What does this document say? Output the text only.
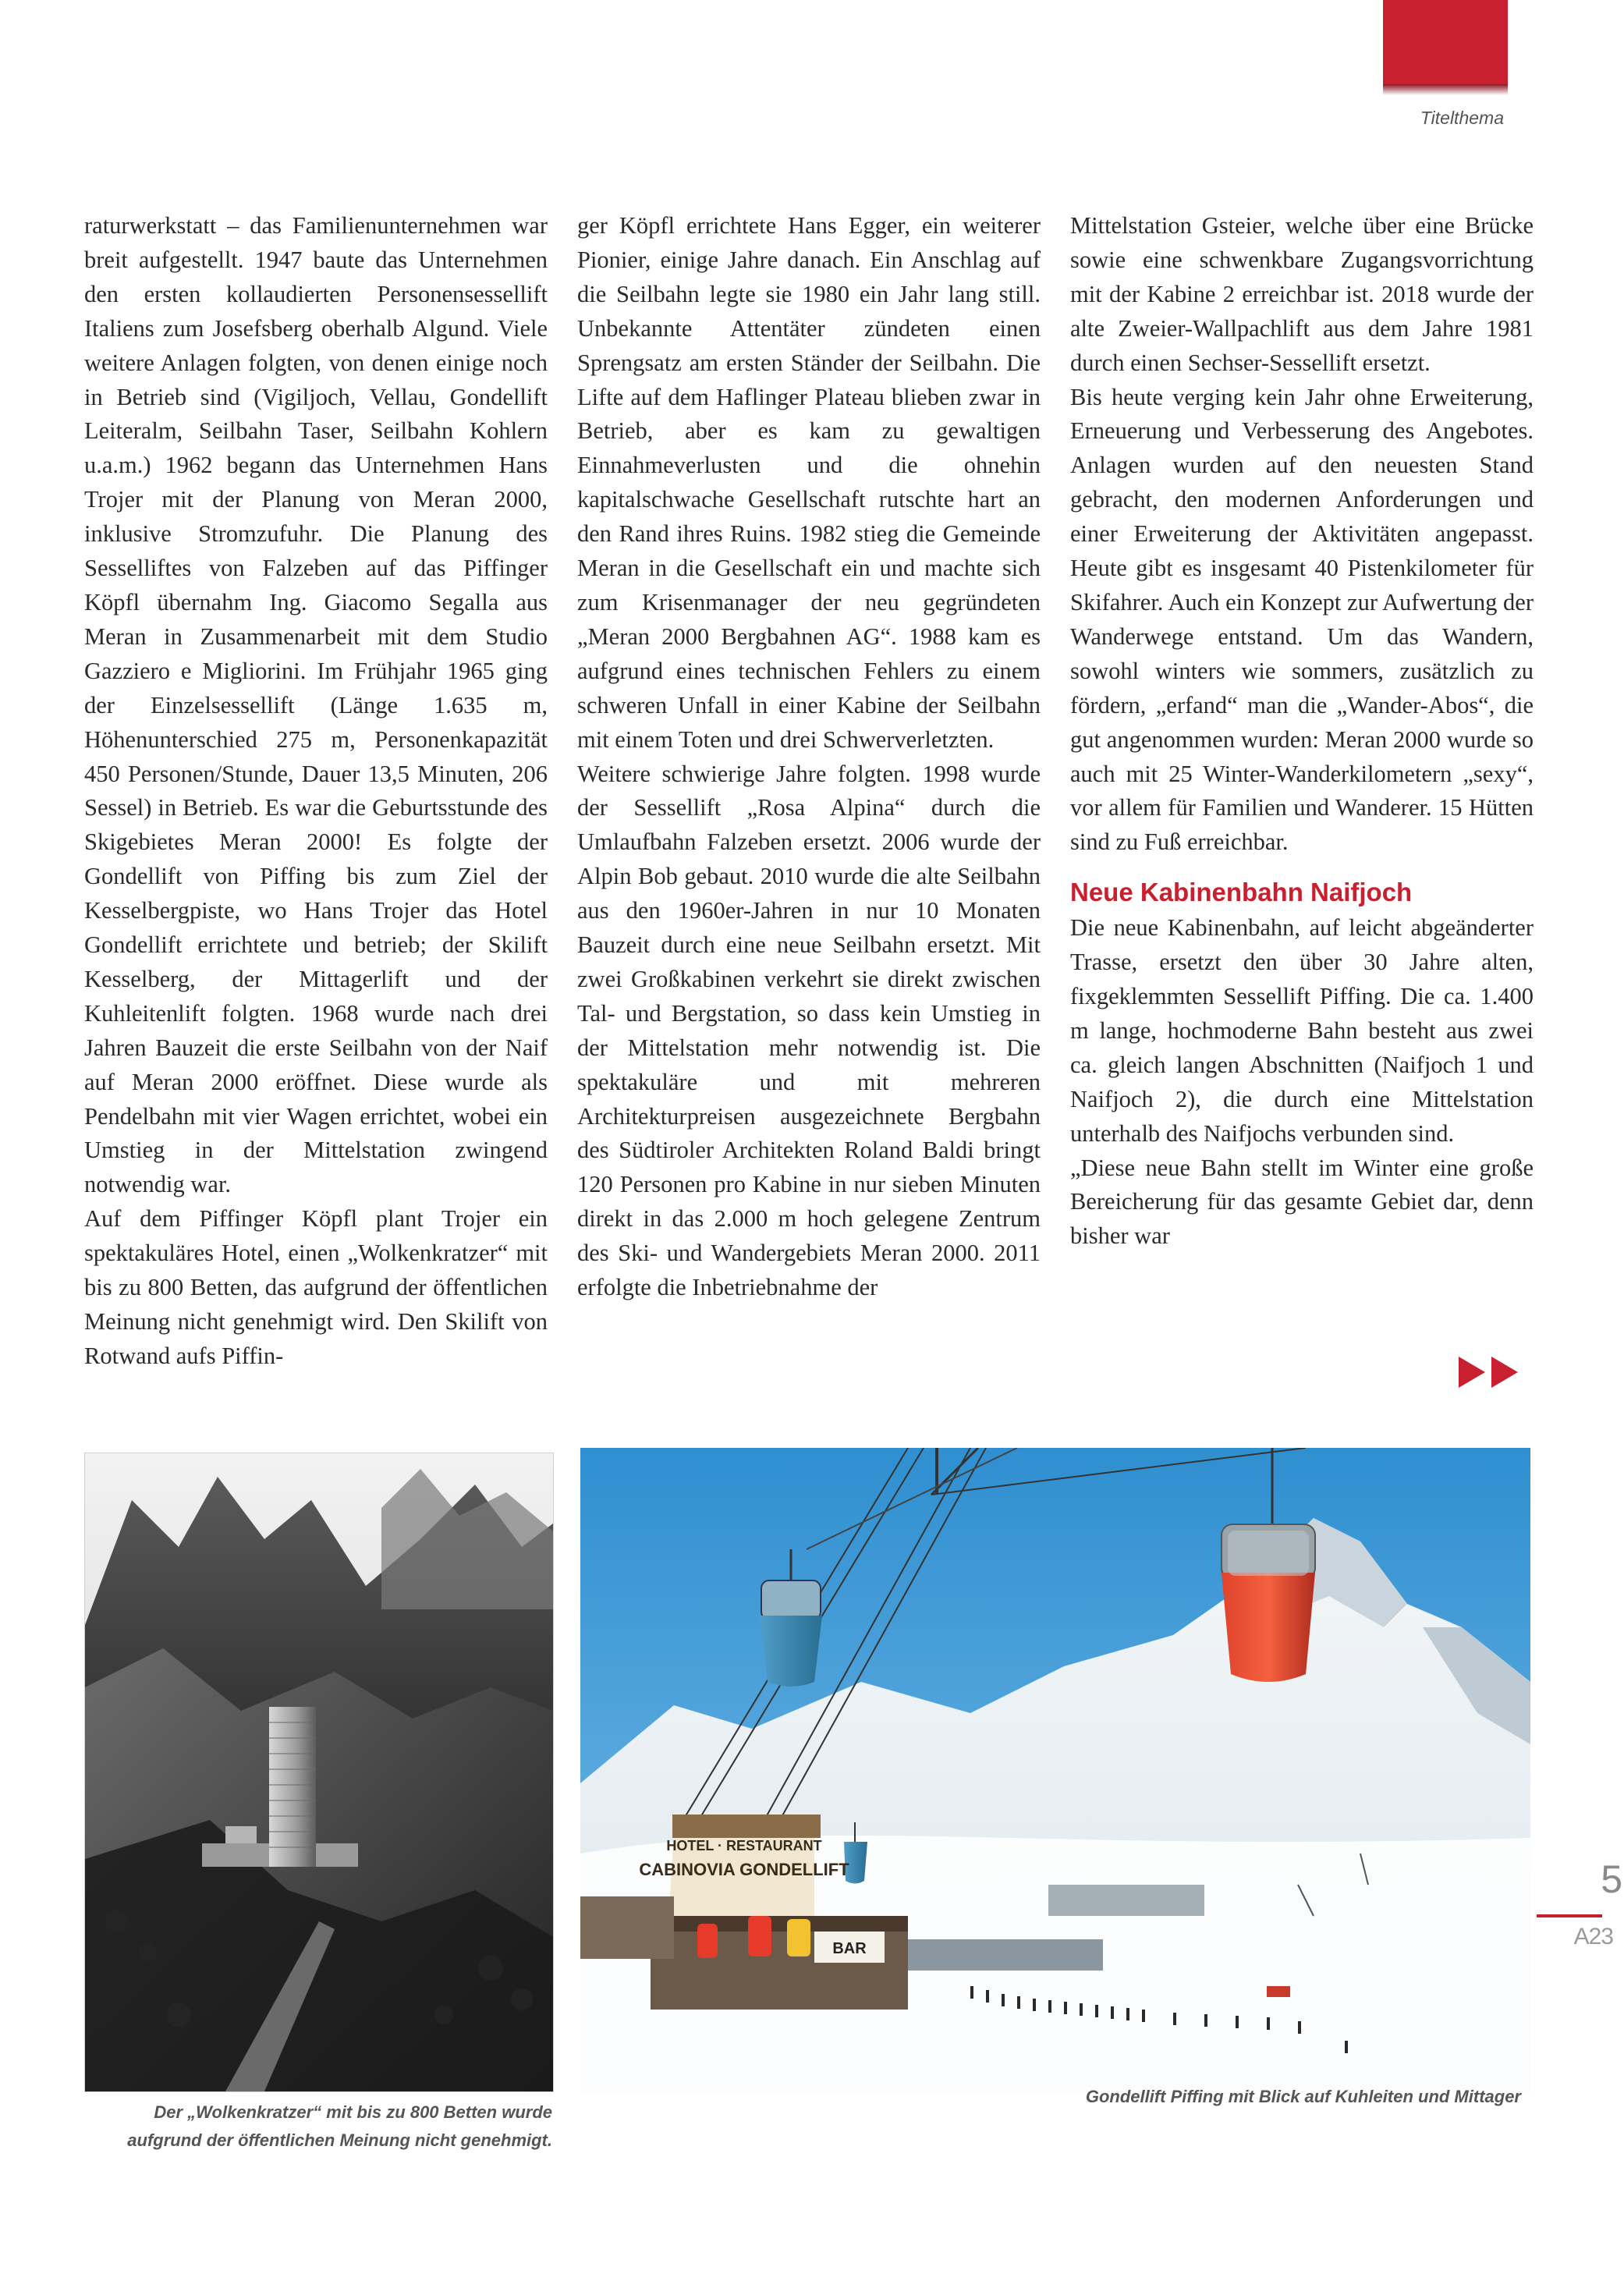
Titelthema

raturwerkstatt – das Familienunternehmen war breit aufgestellt. 1947 baute das Unternehmen den ersten kollaudierten Personensessellift Italiens zum Josefsberg oberhalb Algund. Viele weitere Anlagen folgten, von denen einige noch in Betrieb sind (Vigiljoch, Vellau, Gondellift Leiteralm, Seilbahn Taser, Seilbahn Kohlern u.a.m.) 1962 begann das Unternehmen Hans Trojer mit der Planung von Meran 2000, inklusive Stromzufuhr. Die Planung des Sesselliftes von Falzeben auf das Piffinger Köpfl übernahm Ing. Giacomo Segalla aus Meran in Zusammenarbeit mit dem Studio Gazziero e Migliorini. Im Frühjahr 1965 ging der Einzelsessellift (Länge 1.635 m, Höhenunterschied 275 m, Personenkapazität 450 Personen/Stunde, Dauer 13,5 Minuten, 206 Sessel) in Betrieb. Es war die Geburtsstunde des Skigebietes Meran 2000! Es folgte der Gondellift von Piffing bis zum Ziel der Kesselbergpiste, wo Hans Trojer das Hotel Gondellift errichtete und betrieb; der Skilift Kesselberg, der Mittagerlift und der Kuhleitenlift folgten. 1968 wurde nach drei Jahren Bauzeit die erste Seilbahn von der Naif auf Meran 2000 eröffnet. Diese wurde als Pendelbahn mit vier Wagen errichtet, wobei ein Umstieg in der Mittelstation zwingend notwendig war.

Auf dem Piffinger Köpfl plant Trojer ein spektakuläres Hotel, einen „Wolkenkratzer“ mit bis zu 800 Betten, das aufgrund der öffentlichen Meinung nicht genehmigt wird. Den Skilift von Rotwand aufs Piffin-

ger Köpfl errichtete Hans Egger, ein weiterer Pionier, einige Jahre danach. Ein Anschlag auf die Seilbahn legte sie 1980 ein Jahr lang still. Unbekannte Attentäter zündeten einen Sprengsatz am ersten Ständer der Seilbahn. Die Lifte auf dem Haflinger Plateau blieben zwar in Betrieb, aber es kam zu gewaltigen Einnahmeverlusten und die ohnehin kapitalschwache Gesellschaft rutschte hart an den Rand ihres Ruins. 1982 stieg die Gemeinde Meran in die Gesellschaft ein und machte sich zum Krisenmanager der neu gegründeten „Meran 2000 Bergbahnen AG“. 1988 kam es aufgrund eines technischen Fehlers zu einem schweren Unfall in einer Kabine der Seilbahn mit einem Toten und drei Schwerverletzten.

Weitere schwierige Jahre folgten. 1998 wurde der Sessellift „Rosa Alpina“ durch die Umlaufbahn Falzeben ersetzt. 2006 wurde der Alpin Bob gebaut. 2010 wurde die alte Seilbahn aus den 1960er-Jahren in nur 10 Monaten Bauzeit durch eine neue Seilbahn ersetzt. Mit zwei Großkabinen verkehrt sie direkt zwischen Tal- und Bergstation, so dass kein Umstieg in der Mittelstation mehr notwendig ist. Die spektakuläre und mit mehreren Architekturpreisen ausgezeichnete Bergbahn des Südtiroler Architekten Roland Baldi bringt 120 Personen pro Kabine in nur sieben Minuten direkt in das 2.000 m hoch gelegene Zentrum des Ski- und Wandergebiets Meran 2000. 2011 erfolgte die Inbetriebnahme der

Mittelstation Gsteier, welche über eine Brücke sowie eine schwenkbare Zugangsvorrichtung mit der Kabine 2 erreichbar ist. 2018 wurde der alte Zweier-Wallpachlift aus dem Jahre 1981 durch einen Sechser-Sessellift ersetzt.

Bis heute verging kein Jahr ohne Erweiterung, Erneuerung und Verbesserung des Angebotes. Anlagen wurden auf den neuesten Stand gebracht, den modernen Anforderungen und einer Erweiterung der Aktivitäten angepasst. Heute gibt es insgesamt 40 Pistenkilometer für Skifahrer. Auch ein Konzept zur Aufwertung der Wanderwege entstand. Um das Wandern, sowohl winters wie sommers, zusätzlich zu fördern, „erfand“ man die „Wander-Abos“, die gut angenommen wurden: Meran 2000 wurde so auch mit 25 Winter-Wanderkilometern „sexy“, vor allem für Familien und Wanderer. 15 Hütten sind zu Fuß erreichbar.

Neue Kabinenbahn Naifjoch

Die neue Kabinenbahn, auf leicht abgeänderter Trasse, ersetzt den über 30 Jahre alten, fixgeklemmten Sessellift Piffing. Die ca. 1.400 m lange, hochmoderne Bahn besteht aus zwei ca. gleich langen Abschnitten (Naifjoch 1 und Naifjoch 2), die durch eine Mittelstation unterhalb des Naifjochs verbunden sind.

„Diese neue Bahn stellt im Winter eine große Bereicherung für das gesamte Gebiet dar, denn bisher war

Der „Wolkenkratzer“ mit bis zu 800 Betten wurde aufgrund der öffentlichen Meinung nicht genehmigt.
HOTEL · RESTAURANT
CABINOVIA GONDELLIFT
BAR
Gondellift Piffing mit Blick auf Kuhleiten und Mittager
5
A23
